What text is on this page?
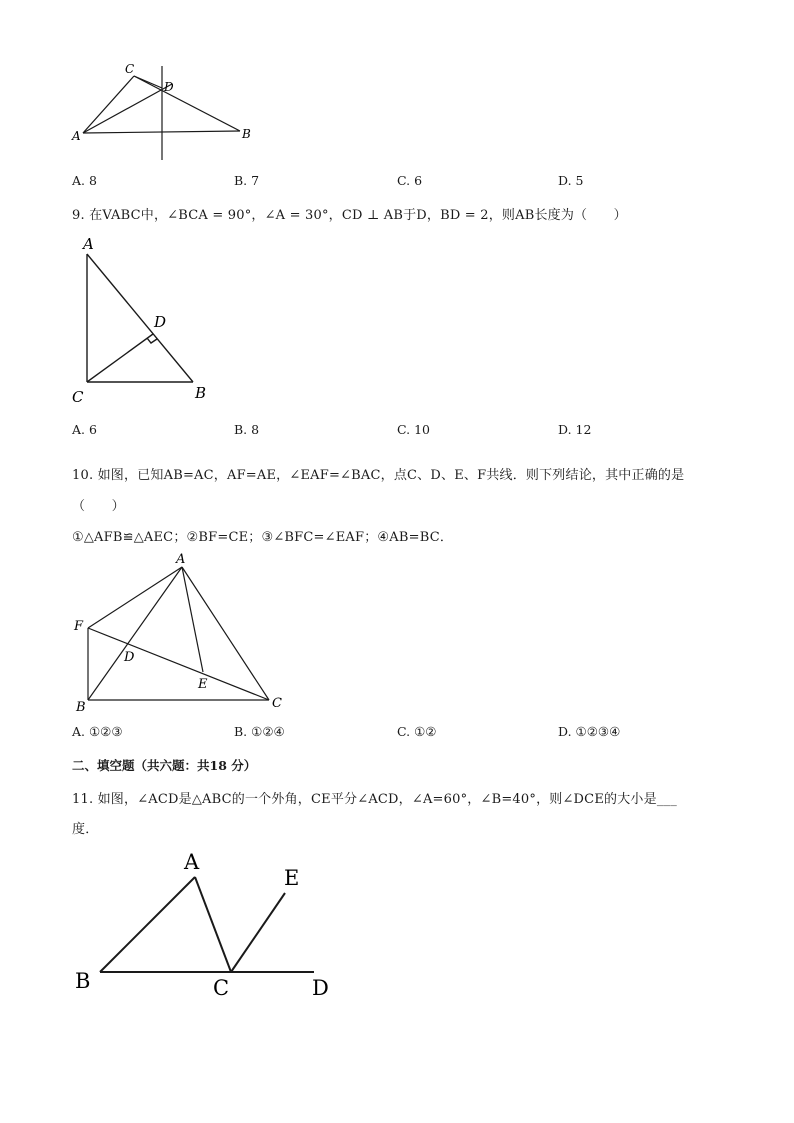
C
D
A	B
A. 8	B. 7	C. 6	D. 5
9. 在VABC中，∠BCA = 90°，∠A = 30°，CD ⊥ AB于D，BD = 2，则AB长度为（　　）
A
D
C	B
A. 6	B. 8	C. 10	D. 12
10. 如图，已知AB=AC，AF=AE，∠EAF=∠BAC，点C、D、E、F共线．则下列结论，其中正确的是
（　　）
①△AFB≌△AEC；②BF=CE；③∠BFC=∠EAF；④AB=BC．
A
F
D
E
B	C
A. ①②③	B. ①②④	C. ①②	D. ①②③④
二、填空题（共六题：共18 分）
11. 如图，∠ACD是△ABC的一个外角，CE平分∠ACD，∠A=60°，∠B=40°，则∠DCE的大小是___
度．
A
E
B	C	D
